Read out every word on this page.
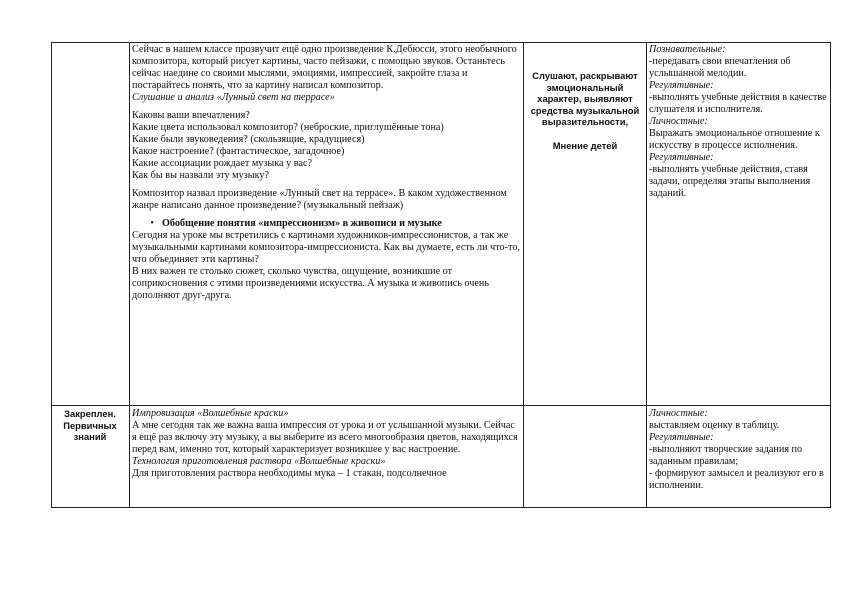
Сейчас в нашем классе прозвучит ещё одно произведение К.Дебюсси, этого необычного композитора, который рисует картины, часто пейзажи, с помощью звуков. Останьтесь сейчас наедине со своими мыслями, эмоциями, импрессией, закройте глаза и постарайтесь понять, что за картину написал композитор.

Слушание и анализ «Лунный свет на террасе»

Каковы ваши впечатления?

Какие цвета использовал композитор? (неброские, приглушённые тона)

Какие были звуковедения? (скользящие, крадущиеся)

Какое настроение? (фантастическое, загадочное)

Какие ассоциации рождает музыка у вас?

Как бы вы назвали эту музыку?

Композитор назвал произведение «Лунный свет на террасе». В каком художественном жанре написано данное произведение? (музыкальный пейзаж)

• Обобщение понятия «импрессионизм» в живописи и музыке

Сегодня на уроке мы встретились с картинами художников-импрессионистов, а так же музыкальными картинами композитора-импрессиониста. Как вы думаете, есть ли что-то, что объединяет эти картины?

В них важен те столько сюжет, сколько чувства, ощущение, возникшие от соприкосновения с этими произведениями искусства. А музыка и живопись очень дополняют друг-друга.

Слушают, раскрывают эмоциональный характер, выявляют средства музыкальной выразительности,

Мнение детей

Познавательные:

-передавать свои впечатления об услышанной мелодии.

Регулятивные:

-выполнять учебные действия в качестве слушателя и исполнителя.

Личностные:

Выражать эмоциональное отношение к искусству в процессе исполнения.

Регулятивные:

-выполнять учебные действия, ставя задачи, определяя этапы выполнения заданий.

Закреплен. Первичных знаний

Импровизация «Волшебные краски»

А мне сегодня так же важна ваша импрессия от урока и от услышанной музыки. Сейчас я ещё раз включу эту музыку, а вы выберите из всего многообразия цветов, находящихся перед вам, именно тот, который характеризует возникшее у вас настроение.

Технология приготовления раствора «Волшебные краски»

Для приготовления раствора необходимы мука – 1 стакан, подсолнечное

Личностные:

выставляем оценку в таблицу.

Регулятивные:

-выполняют творческие задания по заданным правилам;

- формируют замысел и реализуют его в исполнении.
